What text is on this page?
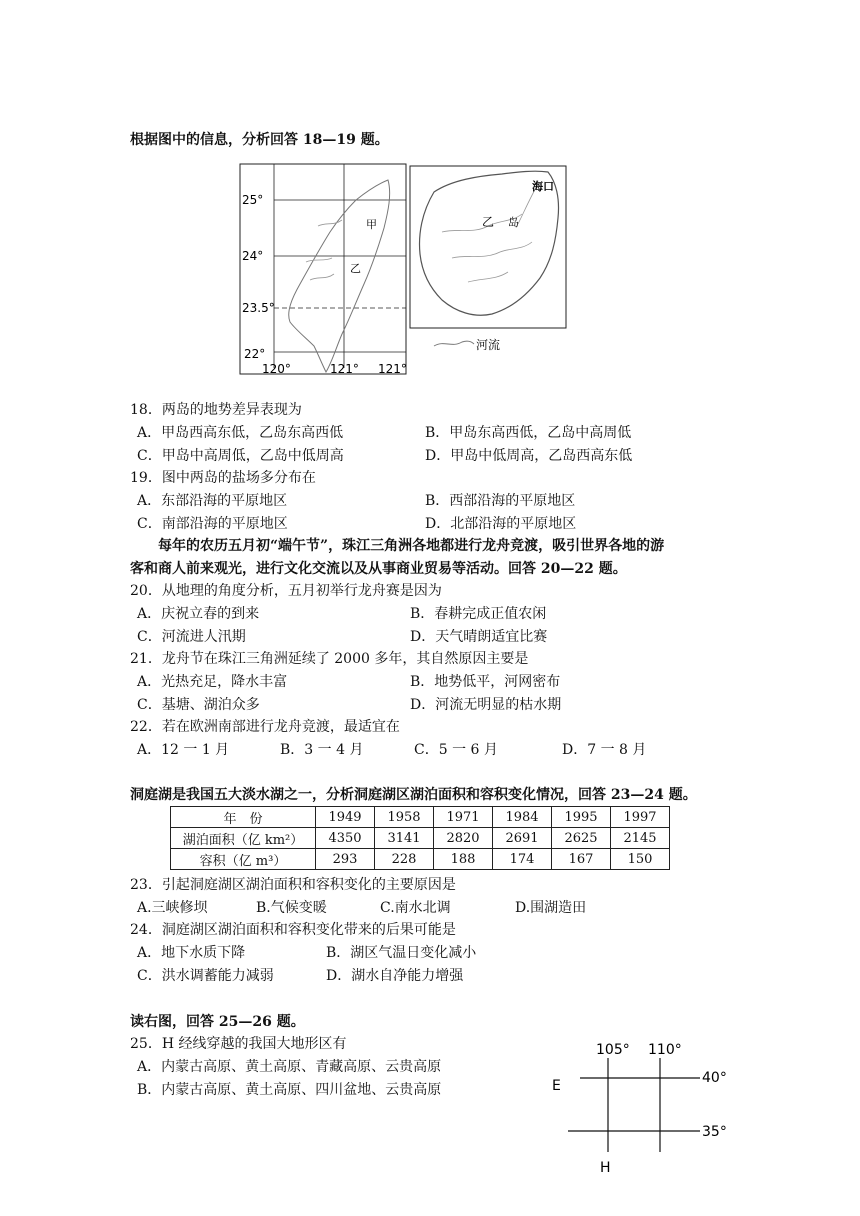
根据图中的信息，分析回答 18—19 题。
25°
24°
23.5°
22°
120°	121° 121°
甲
乙
海口
乙 岛
河流
18．两岛的地势差异表现为
A．甲岛西高东低，乙岛东高西低	B．甲岛东高西低，乙岛中高周低
C．甲岛中高周低，乙岛中低周高	D．甲岛中低周高，乙岛西高东低
19．图中两岛的盐场多分布在
A．东部沿海的平原地区	B．西部沿海的平原地区
C．南部沿海的平原地区	D．北部沿海的平原地区
每年的农历五月初“端午节”，珠江三角洲各地都进行龙舟竞渡，吸引世界各地的游
客和商人前来观光，进行文化交流以及从事商业贸易等活动。回答 20—22 题。
20．从地理的角度分析，五月初举行龙舟赛是因为
A．庆祝立春的到来	B．春耕完成正值农闲
C．河流进人汛期	D．天气晴朗适宜比赛
21．龙舟节在珠江三角洲延续了 2000 多年，其自然原因主要是
A．光热充足，降水丰富	B．地势低平，河网密布
C．基塘、湖泊众多	D．河流无明显的枯水期
22．若在欧洲南部进行龙舟竞渡，最适宜在
A．12 一 1 月	B．3 一 4 月	C．5 一 6 月	D．7 一 8 月
洞庭湖是我国五大淡水湖之一，分析洞庭湖区湖泊面积和容积变化情况，回答 23—24 题。
年　份	1949	1958	1971	1984	1995	1997
湖泊面积（亿 km²）	4350	3141	2820	2691	2625	2145
容积（亿 m³）	293	228	188	174	167	150
23．引起洞庭湖区湖泊面积和容积变化的主要原因是
A.三峡修坝	B.气候变暖	C.南水北调	D.围湖造田
24．洞庭湖区湖泊面积和容积变化带来的后果可能是
A．地下水质下降	B．湖区气温日变化减小
C．洪水调蓄能力减弱	D．湖水自净能力增强
读右图，回答 25—26 题。
25．H 经线穿越的我国大地形区有
A．内蒙古高原、黄土高原、青藏高原、云贵高原
B．内蒙古高原、黄土高原、四川盆地、云贵高原
105° 110°
40°
35°
E
H
